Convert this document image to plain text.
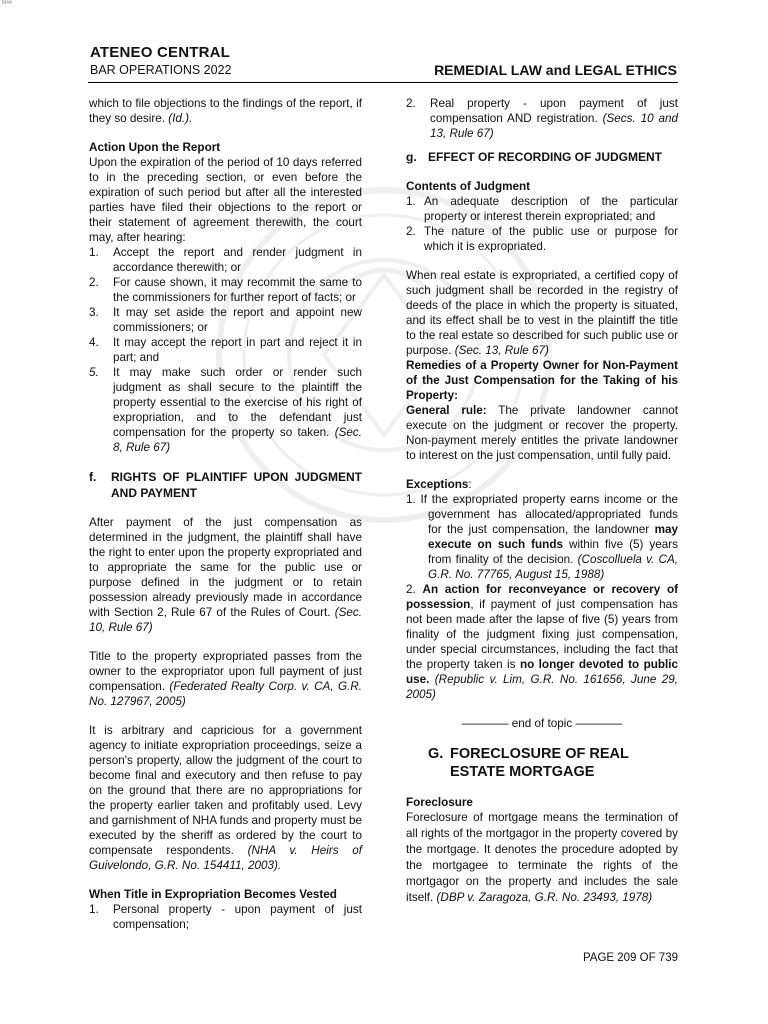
M44
ATENEO CENTRAL
BAR OPERATIONS 2022	REMEDIAL LAW and LEGAL ETHICS

which to file objections to the findings of the report, if they so desire. (Id.).

Action Upon the Report

Upon the expiration of the period of 10 days referred to in the preceding section, or even before the expiration of such period but after all the interested parties have filed their objections to the report or their statement of agreement therewith, the court may, after hearing:

1.	Accept the report and render judgment in accordance therewith; or
2.	For cause shown, it may recommit the same to the commissioners for further report of facts; or
3.	It may set aside the report and appoint new commissioners; or
4.	It may accept the report in part and reject it in part; and
5.	It may make such order or render such judgment as shall secure to the plaintiff the property essential to the exercise of his right of expropriation, and to the defendant just compensation for the property so taken. (Sec. 8, Rule 67)
f.	RIGHTS OF PLAINTIFF UPON JUDGMENT AND PAYMENT

After payment of the just compensation as determined in the judgment, the plaintiff shall have the right to enter upon the property expropriated and to appropriate the same for the public use or purpose defined in the judgment or to retain possession already previously made in accordance with Section 2, Rule 67 of the Rules of Court. (Sec. 10, Rule 67)

Title to the property expropriated passes from the owner to the expropriator upon full payment of just compensation. (Federated Realty Corp. v. CA, G.R. No. 127967, 2005)

It is arbitrary and capricious for a government agency to initiate expropriation proceedings, seize a person's property, allow the judgment of the court to become final and executory and then refuse to pay on the ground that there are no appropriations for the property earlier taken and profitably used. Levy and garnishment of NHA funds and property must be executed by the sheriff as ordered by the court to compensate respondents. (NHA v. Heirs of Guivelondo, G.R. No. 154411, 2003).

When Title in Expropriation Becomes Vested

1.	Personal property - upon payment of just compensation;
2.	Real property - upon payment of just compensation AND registration. (Secs. 10 and 13, Rule 67)
g. EFFECT OF RECORDING OF JUDGMENT

Contents of Judgment

1. An adequate description of the particular property or interest therein expropriated; and
2. The nature of the public use or purpose for which it is expropriated.

When real estate is expropriated, a certified copy of such judgment shall be recorded in the registry of deeds of the place in which the property is situated, and its effect shall be to vest in the plaintiff the title to the real estate so described for such public use or purpose. (Sec. 13, Rule 67)

Remedies of a Property Owner for Non-Payment of the Just Compensation for the Taking of his Property:

General rule: The private landowner cannot execute on the judgment or recover the property. Non-payment merely entitles the private landowner to interest on the just compensation, until fully paid.

Exceptions:

1. If the expropriated property earns income or the government has allocated/appropriated funds for the just compensation, the landowner may execute on such funds within five (5) years from finality of the decision. (Coscolluela v. CA, G.R. No. 77765, August 15, 1988)

2. An action for reconveyance or recovery of possession, if payment of just compensation has not been made after the lapse of five (5) years from finality of the judgment fixing just compensation, under special circumstances, including the fact that the property taken is no longer devoted to public use. (Republic v. Lim, G.R. No. 161656, June 29, 2005)

———— end of topic ————

G. FORECLOSURE OF REAL ESTATE MORTGAGE

Foreclosure

Foreclosure of mortgage means the termination of all rights of the mortgagor in the property covered by the mortgage. It denotes the procedure adopted by the mortgagee to terminate the rights of the mortgagor on the property and includes the sale itself. (DBP v. Zaragoza, G.R. No. 23493, 1978)

PAGE 209 OF 739
